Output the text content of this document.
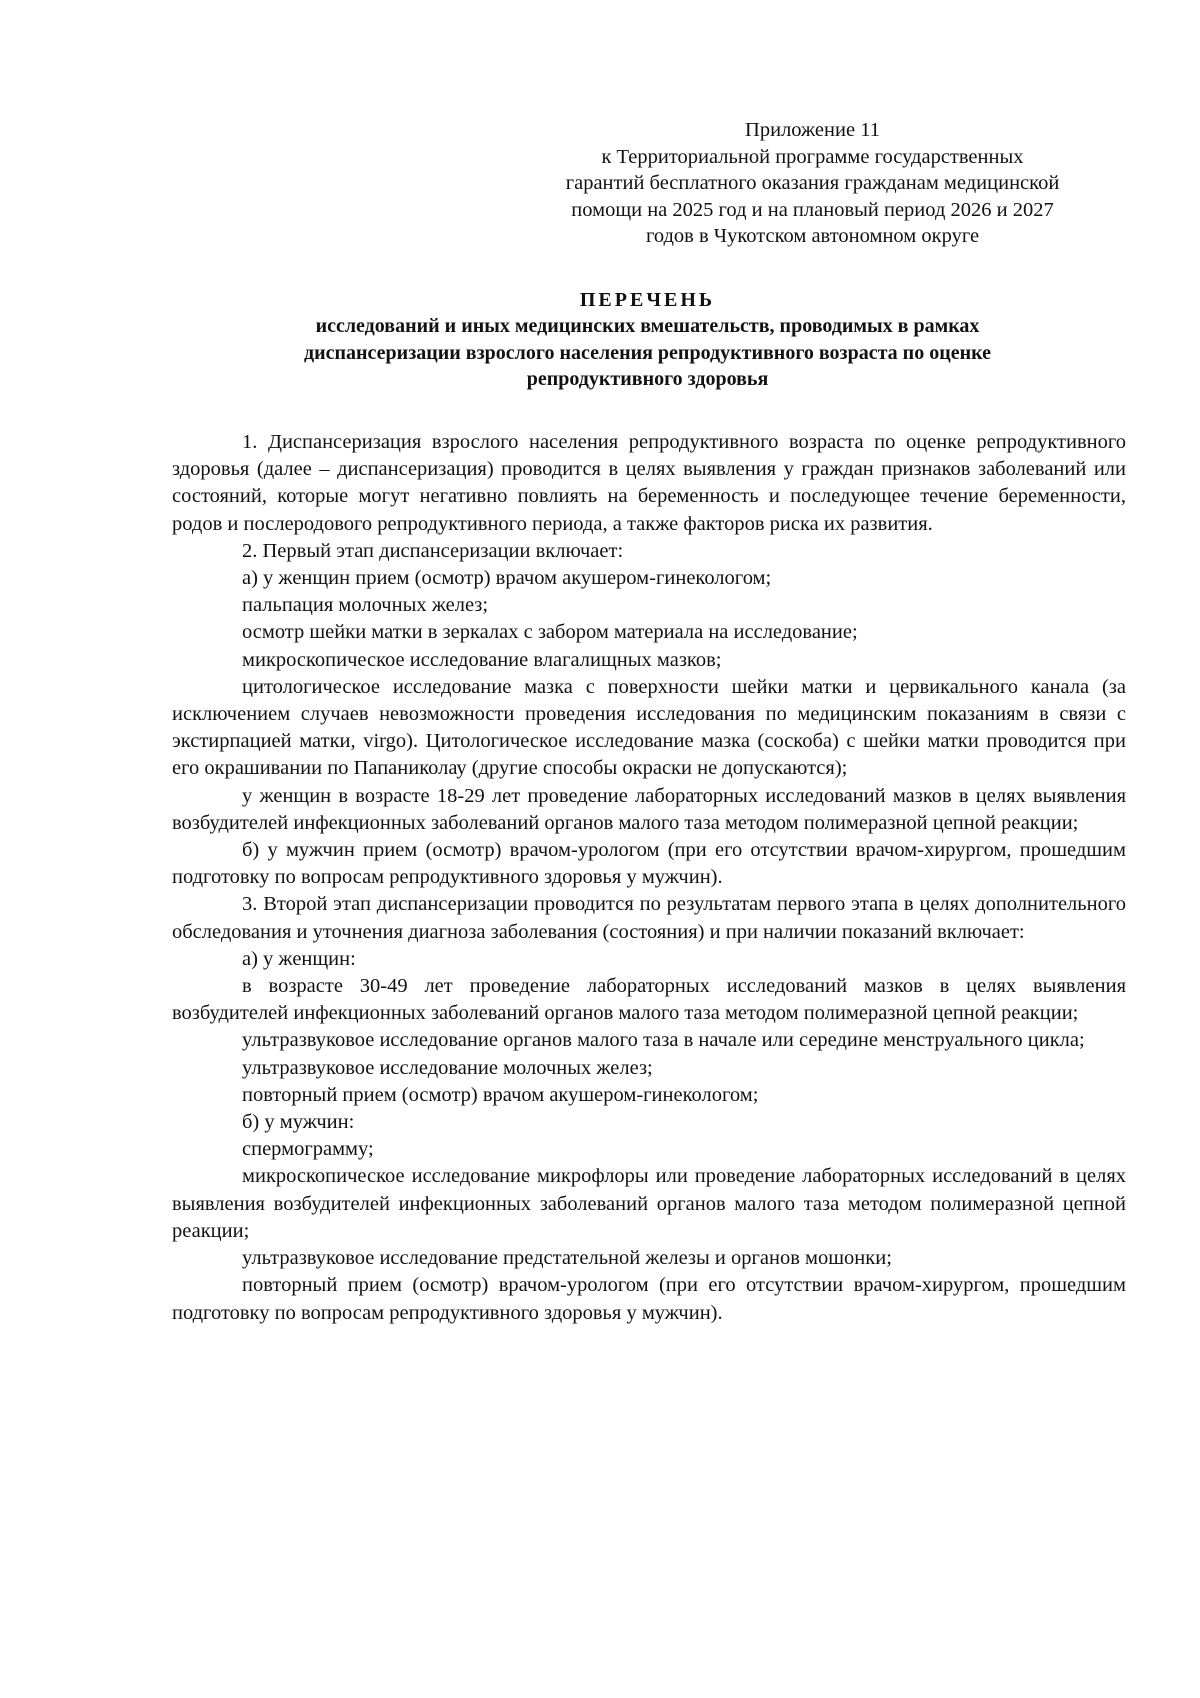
Приложение 11
к Территориальной программе государственных
гарантий бесплатного оказания гражданам медицинской
помощи на 2025 год и на плановый период 2026 и 2027
годов в Чукотском автономном округе
ПЕРЕЧЕНЬ
исследований и иных медицинских вмешательств, проводимых в рамках
диспансеризации взрослого населения репродуктивного возраста по оценке
репродуктивного здоровья

1. Диспансеризация взрослого населения репродуктивного возраста по оценке репродуктивного здоровья (далее – диспансеризация) проводится в целях выявления у граждан признаков заболеваний или состояний, которые могут негативно повлиять на беременность и последующее течение беременности, родов и послеродового репродуктивного периода, а также факторов риска их развития.

2. Первый этап диспансеризации включает:

а) у женщин прием (осмотр) врачом акушером-гинекологом;

пальпация молочных желез;

осмотр шейки матки в зеркалах с забором материала на исследование;

микроскопическое исследование влагалищных мазков;

цитологическое исследование мазка с поверхности шейки матки и цервикального канала (за исключением случаев невозможности проведения исследования по медицинским показаниям в связи с экстирпацией матки, virgo). Цитологическое исследование мазка (соскоба) с шейки матки проводится при его окрашивании по Папаниколау (другие способы окраски не допускаются);

у женщин в возрасте 18-29 лет проведение лабораторных исследований мазков в целях выявления возбудителей инфекционных заболеваний органов малого таза методом полимеразной цепной реакции;

б) у мужчин прием (осмотр) врачом-урологом (при его отсутствии врачом-хирургом, прошедшим подготовку по вопросам репродуктивного здоровья у мужчин).

3. Второй этап диспансеризации проводится по результатам первого этапа в целях дополнительного обследования и уточнения диагноза заболевания (состояния) и при наличии показаний включает:

а) у женщин:

в возрасте 30-49 лет проведение лабораторных исследований мазков в целях выявления возбудителей инфекционных заболеваний органов малого таза методом полимеразной цепной реакции;

ультразвуковое исследование органов малого таза в начале или середине менструального цикла;

ультразвуковое исследование молочных желез;

повторный прием (осмотр) врачом акушером-гинекологом;

б) у мужчин:

спермограмму;

микроскопическое исследование микрофлоры или проведение лабораторных исследований в целях выявления возбудителей инфекционных заболеваний органов малого таза методом полимеразной цепной реакции;

ультразвуковое исследование предстательной железы и органов мошонки;

повторный прием (осмотр) врачом-урологом (при его отсутствии врачом-хирургом, прошедшим подготовку по вопросам репродуктивного здоровья у мужчин).
